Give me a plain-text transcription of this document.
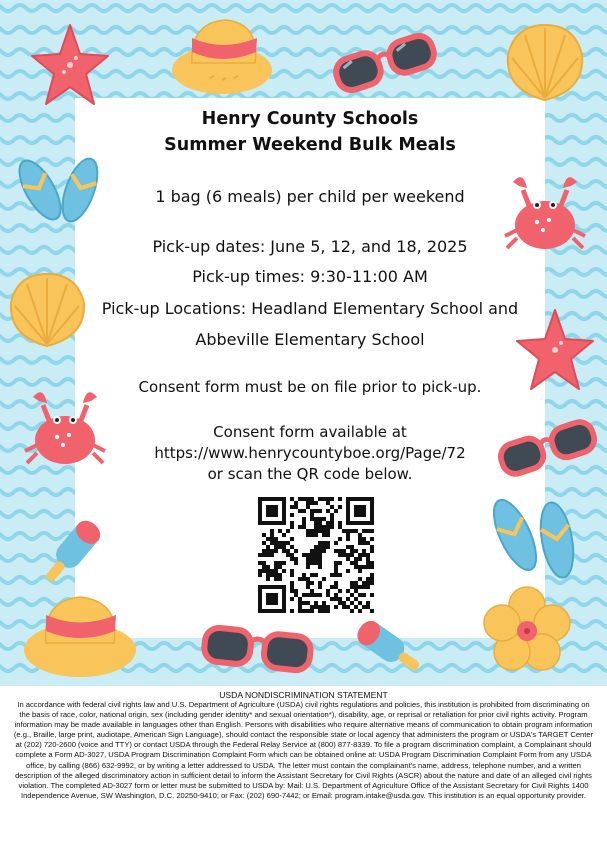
Henry County Schools
Summer Weekend Bulk Meals
1 bag (6 meals) per child per weekend
Pick-up dates: June 5, 12, and 18, 2025
Pick-up times: 9:30-11:00 AM
Pick-up Locations: Headland Elementary School and
Abbeville Elementary School
Consent form must be on file prior to pick-up.
Consent form available at
https://www.henrycountyboe.org/Page/72
or scan the QR code below.
USDA NONDISCRIMINATION STATEMENT
In accordance with federal civil rights law and U.S. Department of Agriculture (USDA) civil rights regulations and policies, this institution is prohibited from discriminating on the basis of race, color, national origin, sex (including gender identity* and sexual orientation*), disability, age, or reprisal or retaliation for prior civil rights activity. Program information may be made available in languages other than English. Persons with disabilities who require alternative means of communication to obtain program information (e.g., Braille, large print, audiotape, American Sign Language), should contact the responsible state or local agency that administers the program or USDA's TARGET Center at (202) 720-2600 (voice and TTY) or contact USDA through the Federal Relay Service at (800) 877-8339. To file a program discrimination complaint, a Complainant should complete a Form AD-3027, USDA Program Discrimination Complaint Form which can be obtained online at: USDA Program Discrimination Complaint Form from any USDA office, by calling (866) 632-9992, or by writing a letter addressed to USDA. The letter must contain the complainant's name, address, telephone number, and a written description of the alleged discriminatory action in sufficient detail to inform the Assistant Secretary for Civil Rights (ASCR) about the nature and date of an alleged civil rights violation. The completed AD-3027 form or letter must be submitted to USDA by: Mail: U.S. Department of Agriculture Office of the Assistant Secretary for Civil Rights 1400 Independence Avenue, SW Washington, D.C. 20250-9410; or Fax: (202) 690-7442; or Email: program.intake@usda.gov. This institution is an equal opportunity provider.
